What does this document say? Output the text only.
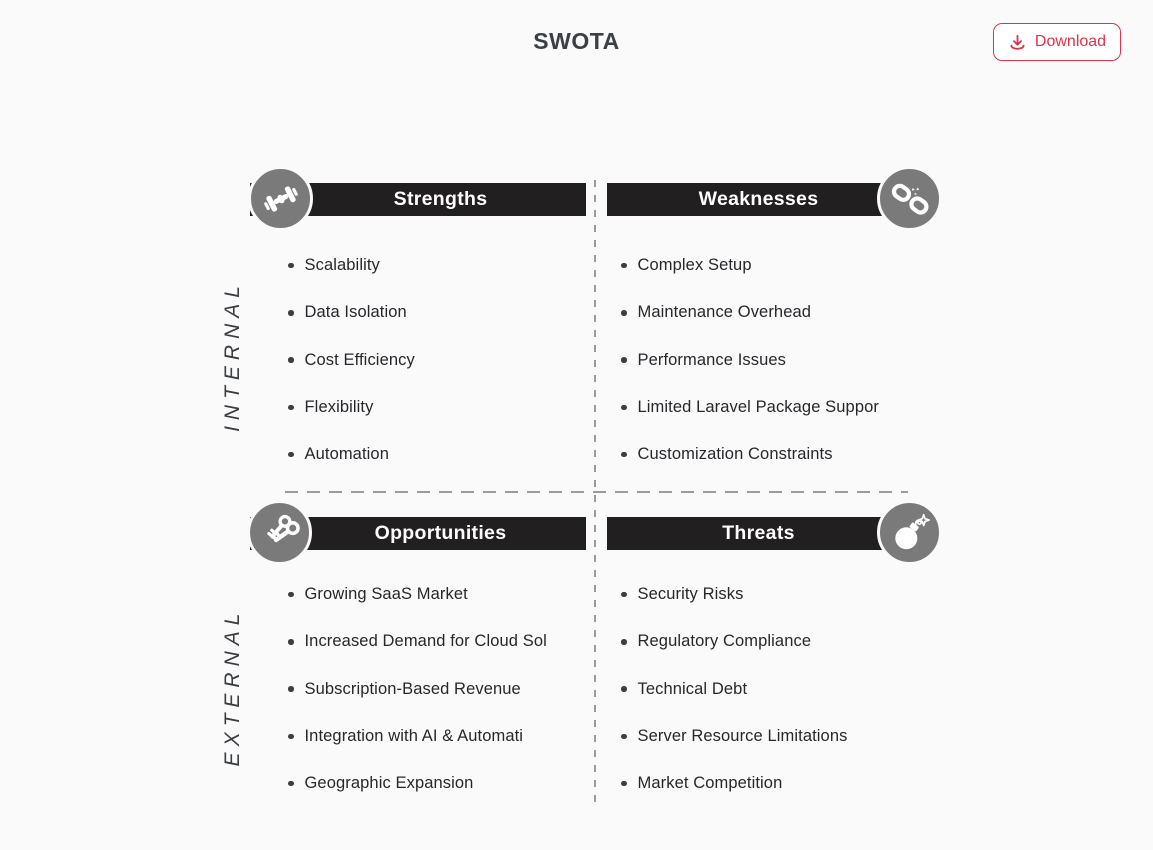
SWOTA	Download
INTERNAL
EXTERNAL
Strengths
Scalability
Data Isolation
Cost Efficiency
Flexibility
Automation
Weaknesses
Complex Setup
Maintenance Overhead
Performance Issues
Limited Laravel Package Suppor
Customization Constraints
Opportunities
Growing SaaS Market
Increased Demand for Cloud Sol
Subscription-Based Revenue
Integration with AI & Automati
Geographic Expansion
Threats
Security Risks
Regulatory Compliance
Technical Debt
Server Resource Limitations
Market Competition
